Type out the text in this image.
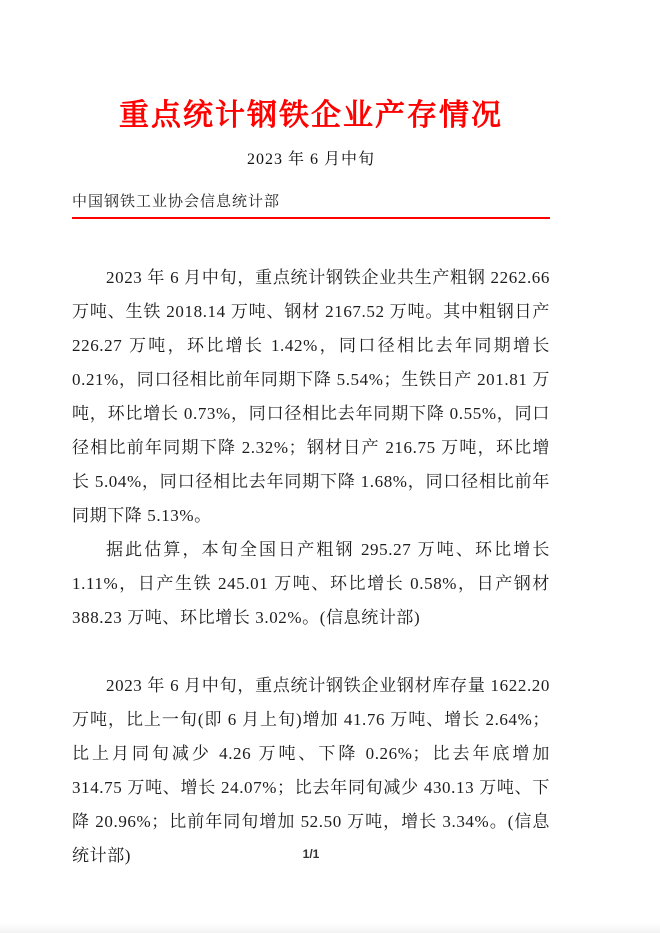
重点统计钢铁企业产存情况
2023 年 6 月中旬
中国钢铁工业协会信息统计部

2023 年 6 月中旬，重点统计钢铁企业共生产粗钢 2262.66 万吨、生铁 2018.14 万吨、钢材 2167.52 万吨。其中粗钢日产 226.27 万吨，环比增长 1.42%，同口径相比去年同期增长 0.21%，同口径相比前年同期下降 5.54%；生铁日产 201.81 万吨，环比增长 0.73%，同口径相比去年同期下降 0.55%，同口径相比前年同期下降 2.32%；钢材日产 216.75 万吨，环比增长 5.04%，同口径相比去年同期下降 1.68%，同口径相比前年同期下降 5.13%。

据此估算，本旬全国日产粗钢 295.27 万吨、环比增长 1.11%，日产生铁 245.01 万吨、环比增长 0.58%，日产钢材 388.23 万吨、环比增长 3.02%。(信息统计部)

2023 年 6 月中旬，重点统计钢铁企业钢材库存量 1622.20 万吨，比上一旬(即 6 月上旬)增加 41.76 万吨、增长 2.64%；比上月同旬减少 4.26 万吨、下降 0.26%；比去年底增加 314.75 万吨、增长 24.07%；比去年同旬减少 430.13 万吨、下降 20.96%；比前年同旬增加 52.50 万吨，增长 3.34%。(信息统计部)	1/1
